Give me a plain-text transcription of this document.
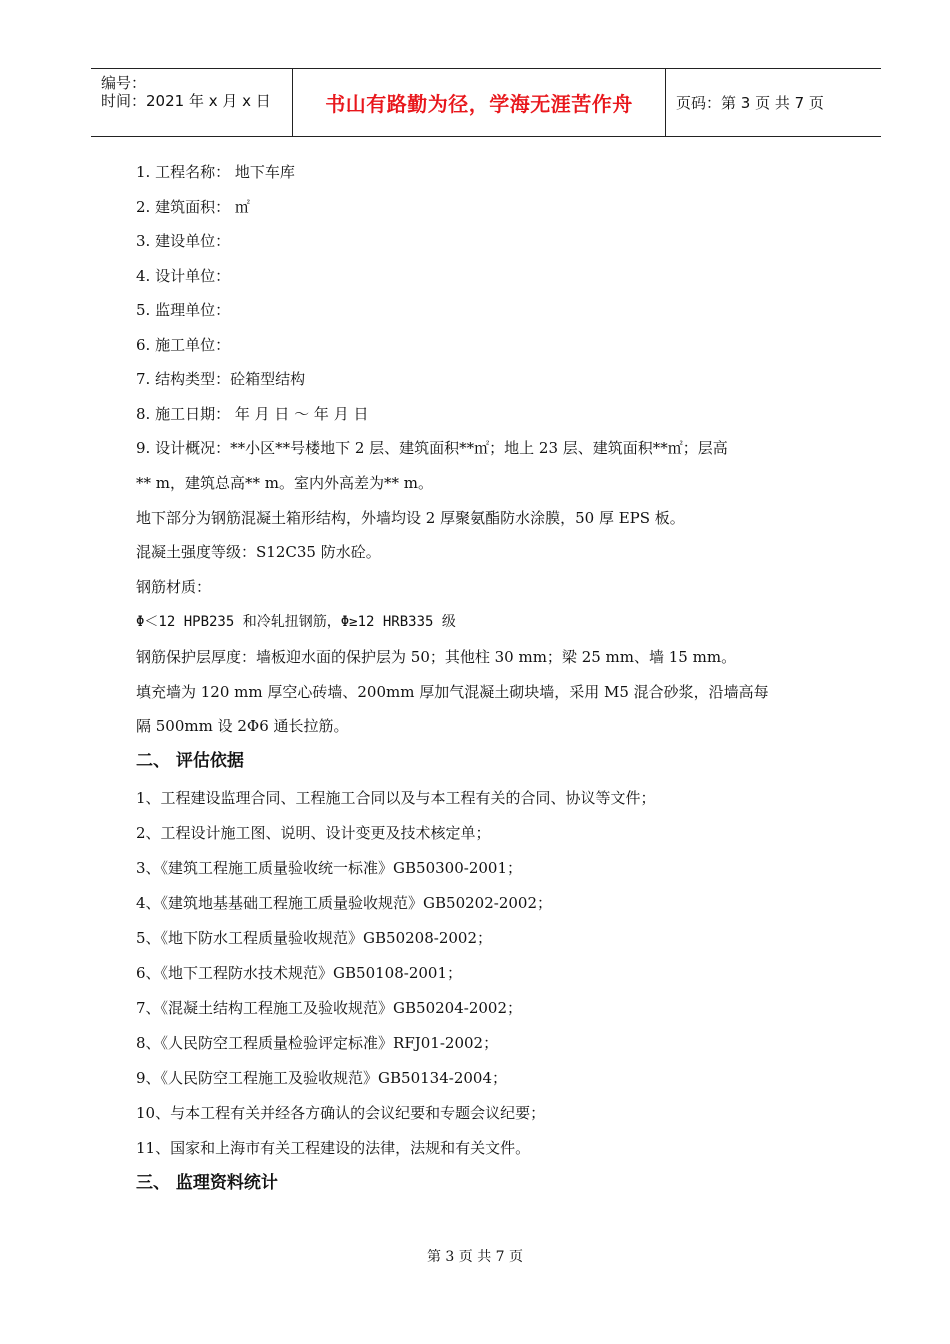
编号：
时间：2021 年 x 月 x 日	书山有路勤为径，学海无涯苦作舟	页码：第 3 页 共 7 页
1. 工程名称： 地下车库
2. 建筑面积： ㎡
3. 建设单位：
4. 设计单位：
5. 监理单位：
6. 施工单位：
7. 结构类型：砼箱型结构
8. 施工日期： 年 月 日 ～ 年 月 日
9. 设计概况：**小区**号楼地下 2 层、建筑面积**㎡；地上 23 层、建筑面积**㎡；层高
** m，建筑总高** m。室内外高差为** m。
地下部分为钢筋混凝土箱形结构，外墙均设 2 厚聚氨酯防水涂膜，50 厚 EPS 板。
混凝土强度等级：S12C35 防水砼。
钢筋材质：
Φ＜12 HPB235 和冷轧扭钢筋，Φ≥12 HRB335 级
钢筋保护层厚度：墙板迎水面的保护层为 50；其他柱 30 mm；梁 25 mm、墙 15 mm。
填充墙为 120 mm 厚空心砖墙、200mm 厚加气混凝土砌块墙，采用 M5 混合砂浆，沿墙高每
隔 500mm 设 2Φ6 通长拉筋。
二、 评估依据
1、工程建设监理合同、工程施工合同以及与本工程有关的合同、协议等文件；
2、工程设计施工图、说明、设计变更及技术核定单；
3、《建筑工程施工质量验收统一标准》GB50300-2001；
4、《建筑地基基础工程施工质量验收规范》GB50202-2002；
5、《地下防水工程质量验收规范》GB50208-2002；
6、《地下工程防水技术规范》GB50108-2001；
7、《混凝土结构工程施工及验收规范》GB50204-2002；
8、《人民防空工程质量检验评定标准》RFJ01-2002；
9、《人民防空工程施工及验收规范》GB50134-2004；
10、与本工程有关并经各方确认的会议纪要和专题会议纪要；
11、国家和上海市有关工程建设的法律，法规和有关文件。
三、 监理资料统计
第 3 页 共 7 页
